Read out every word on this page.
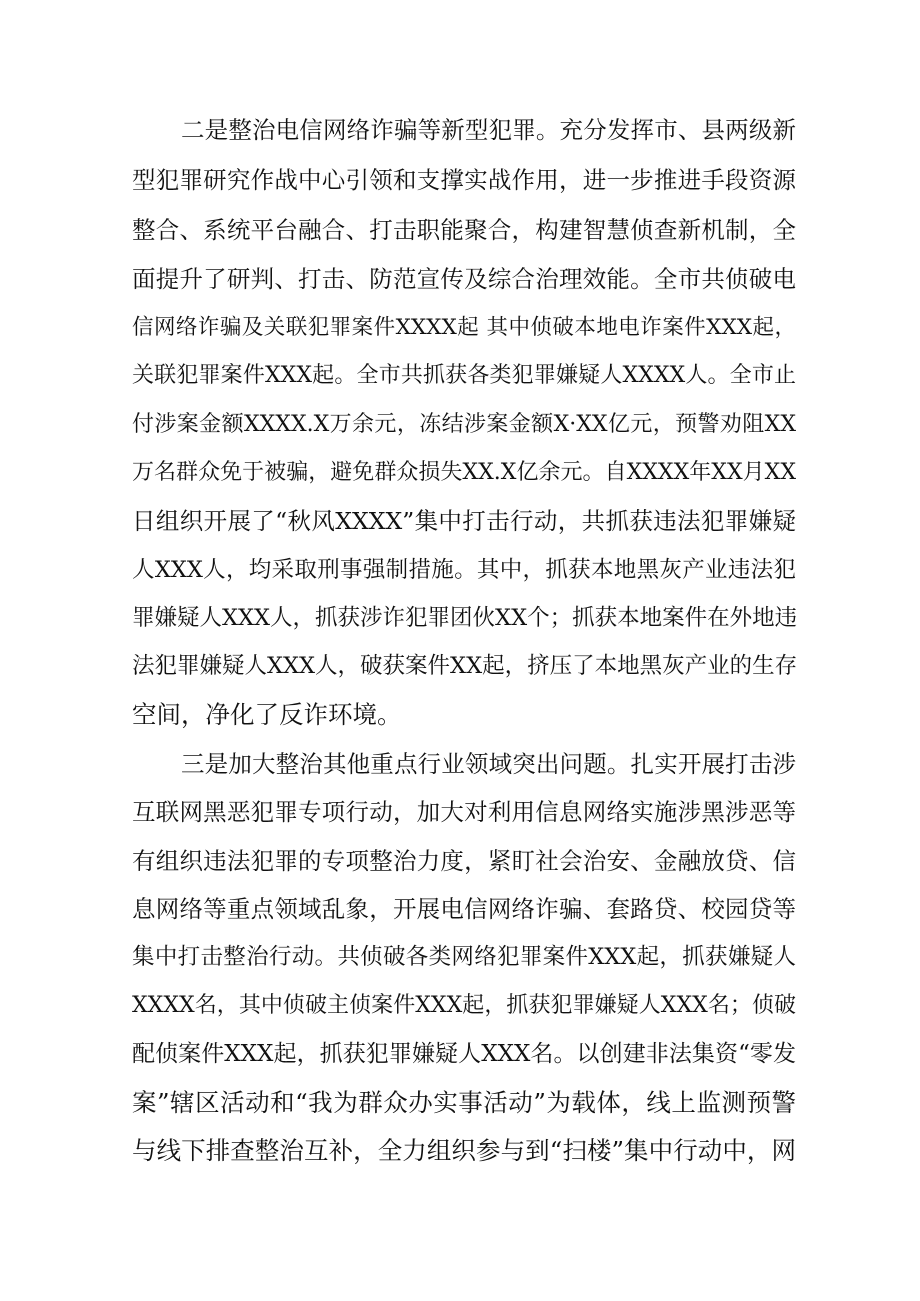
二是整治电信网络诈骗等新型犯罪。充分发挥市、县两级新
型犯罪研究作战中心引领和支撑实战作用，进一步推进手段资源
整合、系统平台融合、打击职能聚合，构建智慧侦查新机制，全
面提升了研判、打击、防范宣传及综合治理效能。全市共侦破电
信网络诈骗及关联犯罪案件XXXX起 其中侦破本地电诈案件XXX起，
关联犯罪案件XXX起。全市共抓获各类犯罪嫌疑人XXXX人。全市止
付涉案金额XXXX.X万余元，冻结涉案金额X·XX亿元，预警劝阻XX
万名群众免于被骗，避免群众损失XX.X亿余元。自XXXX年XX月XX
日组织开展了“秋风XXXX”集中打击行动，共抓获违法犯罪嫌疑
人XXX人，均采取刑事强制措施。其中，抓获本地黑灰产业违法犯
罪嫌疑人XXX人，抓获涉诈犯罪团伙XX个；抓获本地案件在外地违
法犯罪嫌疑人XXX人，破获案件XX起，挤压了本地黑灰产业的生存
空间，净化了反诈环境。
三是加大整治其他重点行业领域突出问题。扎实开展打击涉
互联网黑恶犯罪专项行动，加大对利用信息网络实施涉黑涉恶等
有组织违法犯罪的专项整治力度，紧盯社会治安、金融放贷、信
息网络等重点领域乱象，开展电信网络诈骗、套路贷、校园贷等
集中打击整治行动。共侦破各类网络犯罪案件XXX起，抓获嫌疑人
XXXX名，其中侦破主侦案件XXX起，抓获犯罪嫌疑人XXX名；侦破
配侦案件XXX起，抓获犯罪嫌疑人XXX名。以创建非法集资“零发
案”辖区活动和“我为群众办实事活动”为载体，线上监测预警
与线下排查整治互补，全力组织参与到“扫楼”集中行动中，网
